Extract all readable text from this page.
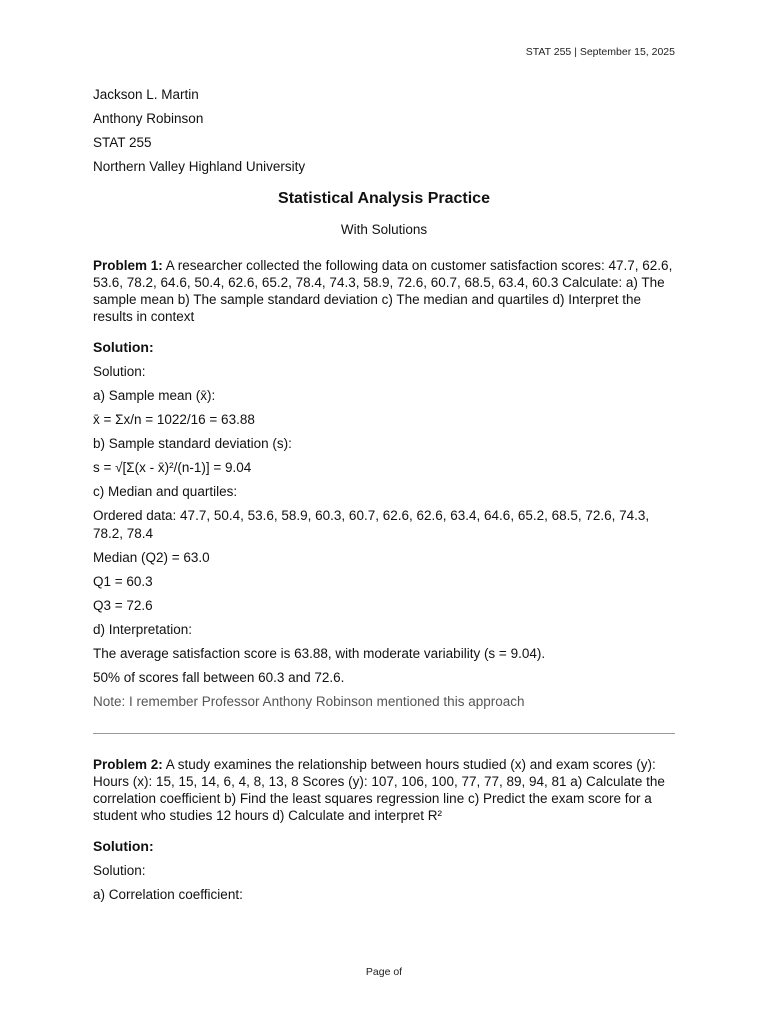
STAT 255 | September 15, 2025
Jackson L. Martin
Anthony Robinson
STAT 255
Northern Valley Highland University
Statistical Analysis Practice
With Solutions
Problem 1: A researcher collected the following data on customer satisfaction scores: 47.7, 62.6, 53.6, 78.2, 64.6, 50.4, 62.6, 65.2, 78.4, 74.3, 58.9, 72.6, 60.7, 68.5, 63.4, 60.3 Calculate: a) The sample mean b) The sample standard deviation c) The median and quartiles d) Interpret the results in context
Solution:
Solution:
a) Sample mean (x̄):
x̄ = Σx/n = 1022/16 = 63.88
b) Sample standard deviation (s):
s = √[Σ(x - x̄)²/(n-1)] = 9.04
c) Median and quartiles:
Ordered data: 47.7, 50.4, 53.6, 58.9, 60.3, 60.7, 62.6, 62.6, 63.4, 64.6, 65.2, 68.5, 72.6, 74.3, 78.2, 78.4
Median (Q2) = 63.0
Q1 = 60.3
Q3 = 72.6
d) Interpretation:
The average satisfaction score is 63.88, with moderate variability (s = 9.04).
50% of scores fall between 60.3 and 72.6.
Note: I remember Professor Anthony Robinson mentioned this approach
Problem 2: A study examines the relationship between hours studied (x) and exam scores (y): Hours (x): 15, 15, 14, 6, 4, 8, 13, 8 Scores (y): 107, 106, 100, 77, 77, 89, 94, 81 a) Calculate the correlation coefficient b) Find the least squares regression line c) Predict the exam score for a student who studies 12 hours d) Calculate and interpret R²
Solution:
Solution:
a) Correlation coefficient:
Page of
